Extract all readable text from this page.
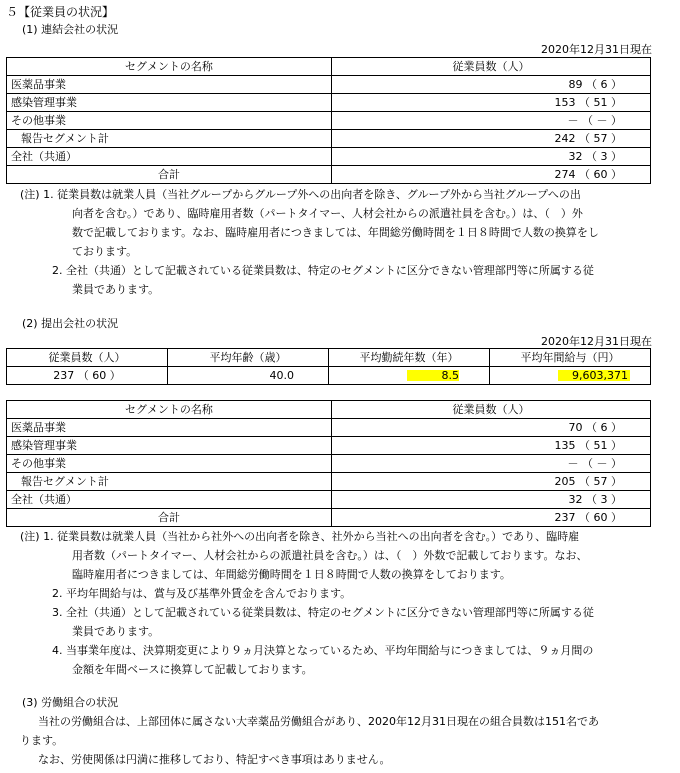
５【従業員の状況】
(1) 連結会社の状況
2020年12月31日現在
セグメントの名称	従業員数（人）
医薬品事業	89 （ 6 ）
感染管理事業	153 （ 51 ）
その他事業	－ （ － ）
報告セグメント計	242 （ 57 ）
全社（共通）	32 （ 3 ）
合計	274 （ 60 ）
(注) 1. 従業員数は就業人員（当社グループからグループ外への出向者を除き、グループ外から当社グループへの出
向者を含む。）であり、臨時雇用者数（パートタイマー、人材会社からの派遣社員を含む。）は、（　）外
数で記載しております。なお、臨時雇用者につきましては、年間総労働時間を１日８時間で人数の換算をし
ております。
2. 全社（共通）として記載されている従業員数は、特定のセグメントに区分できない管理部門等に所属する従
業員であります。
(2) 提出会社の状況
2020年12月31日現在
従業員数（人）	平均年齢（歳）	平均勤続年数（年）	平均年間給与（円）
237 （ 60 ）	40.0	8.5	9,603,371
セグメントの名称	従業員数（人）
医薬品事業	70 （ 6 ）
感染管理事業	135 （ 51 ）
その他事業	－ （ － ）
報告セグメント計	205 （ 57 ）
全社（共通）	32 （ 3 ）
合計	237 （ 60 ）
(注) 1. 従業員数は就業人員（当社から社外への出向者を除き、社外から当社への出向者を含む。）であり、臨時雇
用者数（パートタイマー、人材会社からの派遣社員を含む。）は、（　）外数で記載しております。なお、
臨時雇用者につきましては、年間総労働時間を１日８時間で人数の換算をしております。
2. 平均年間給与は、賞与及び基準外賃金を含んでおります。
3. 全社（共通）として記載されている従業員数は、特定のセグメントに区分できない管理部門等に所属する従
業員であります。
4. 当事業年度は、決算期変更により９ヵ月決算となっているため、平均年間給与につきましては、９ヵ月間の
金額を年間ベースに換算して記載しております。
(3) 労働組合の状況
当社の労働組合は、上部団体に属さない大幸薬品労働組合があり、2020年12月31日現在の組合員数は151名であ
ります。
なお、労使関係は円満に推移しており、特記すべき事項はありません。
